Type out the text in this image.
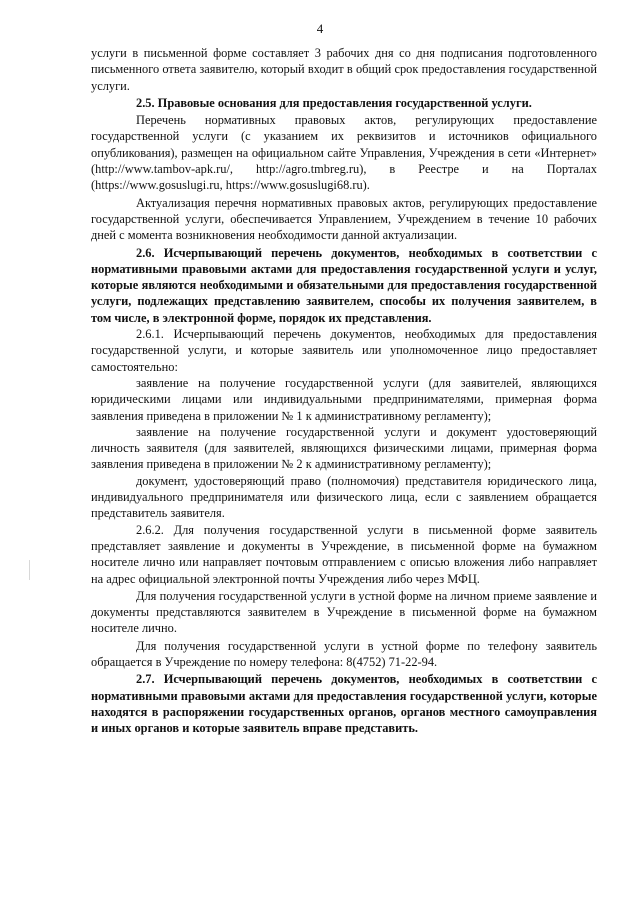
4

услуги в письменной форме составляет 3 рабочих дня со дня подписания подготовленного письменного ответа заявителю, который входит в общий срок предоставления государственной услуги.

2.5. Правовые основания для предоставления государственной услуги.

Перечень нормативных правовых актов, регулирующих предоставление государственной услуги (с указанием их реквизитов и источников официального опубликования), размещен на официальном сайте Управления, Учреждения в сети «Интернет» (http://www.tambov-apk.ru/, http://agro.tmbreg.ru), в Реестре и на Порталах (https://www.gosuslugi.ru, https://www.gosuslugi68.ru).

Актуализация перечня нормативных правовых актов, регулирующих предоставление государственной услуги, обеспечивается Управлением, Учреждением в течение 10 рабочих дней с момента возникновения необходимости данной актуализации.

2.6. Исчерпывающий перечень документов, необходимых в соответствии с нормативными правовыми актами для предоставления государственной услуги и услуг, которые являются необходимыми и обязательными для предоставления государственной услуги, подлежащих представлению заявителем, способы их получения заявителем, в том числе, в электронной форме, порядок их представления.

2.6.1. Исчерпывающий перечень документов, необходимых для предоставления государственной услуги, и которые заявитель или уполномоченное лицо предоставляет самостоятельно:

заявление на получение государственной услуги (для заявителей, являющихся юридическими лицами или индивидуальными предпринимателями, примерная форма заявления приведена в приложении № 1 к административному регламенту);

заявление на получение государственной услуги и документ удостоверяющий личность заявителя (для заявителей, являющихся физическими лицами, примерная форма заявления приведена в приложении № 2 к административному регламенту);

документ, удостоверяющий право (полномочия) представителя юридического лица, индивидуального предпринимателя или физического лица, если с заявлением обращается представитель заявителя.

2.6.2. Для получения государственной услуги в письменной форме заявитель представляет заявление и документы в Учреждение, в письменной форме на бумажном носителе лично или направляет почтовым отправлением с описью вложения либо направляет на адрес официальной электронной почты Учреждения либо через МФЦ.

Для получения государственной услуги в устной форме на личном приеме заявление и документы представляются заявителем в Учреждение в письменной форме на бумажном носителе лично.

Для получения государственной услуги в устной форме по телефону заявитель обращается в Учреждение по номеру телефона: 8(4752) 71-22-94.

2.7. Исчерпывающий перечень документов, необходимых в соответствии с нормативными правовыми актами для предоставления государственной услуги, которые находятся в распоряжении государственных органов, органов местного самоуправления и иных органов и которые заявитель вправе представить.
